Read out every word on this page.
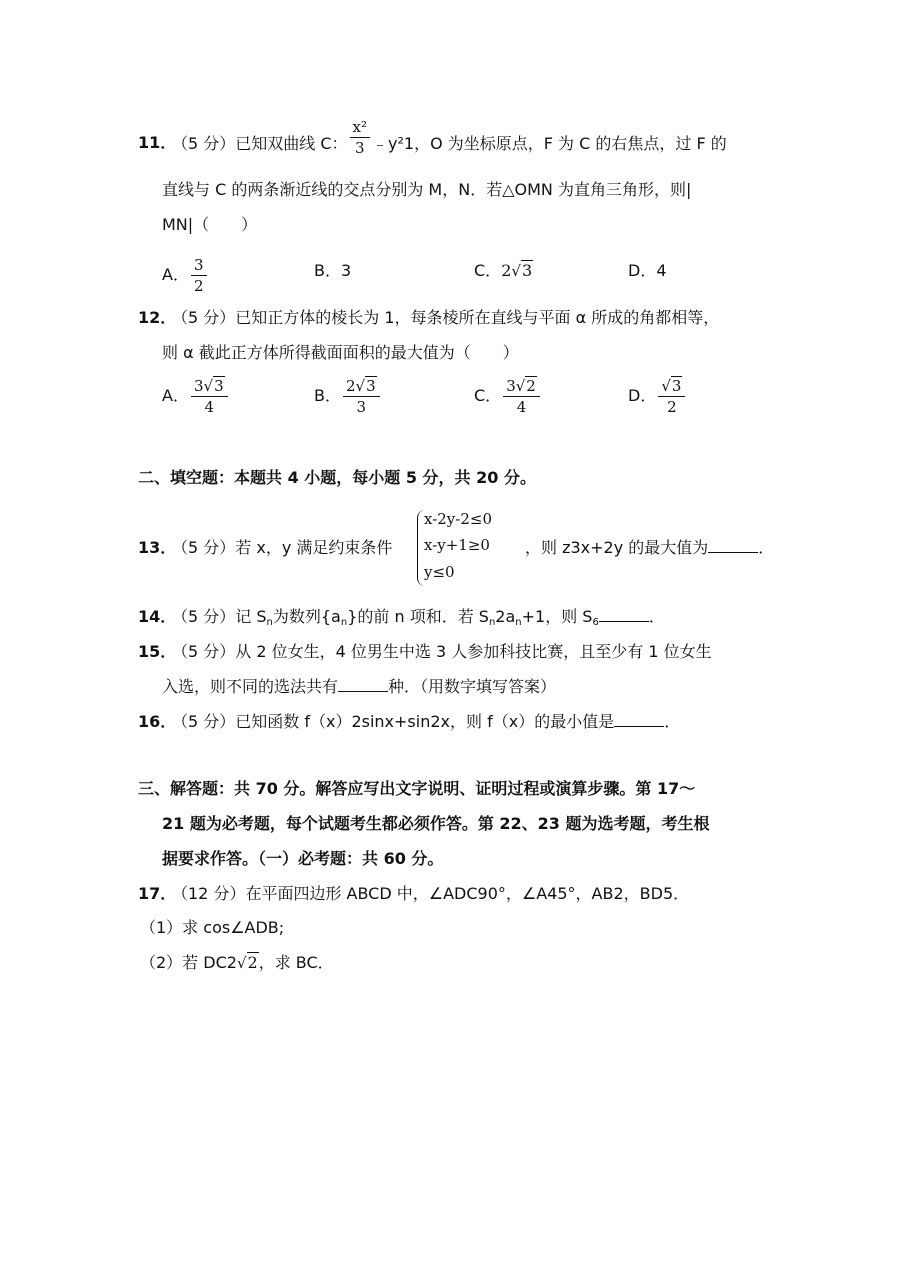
11．
（5 分）已知双曲线 C： $\frac{\text{x²}}{3}$ ﹣y²1，O 为坐标原点，F 为 C 的右焦点，过 F 的
直线与 C 的两条渐近线的交点分别为 M，N．若△OMN 为直角三角形，则|
MN|（　　）
A． $\frac{3}{2}$	B．3	C．2√3	D．4
12．
（5 分）已知正方体的棱长为 1，每条棱所在直线与平面 α 所成的角都相等，
则 α 截此正方体所得截面面积的最大值为（　　）
A． $\frac{3√3}{4}$	B． $\frac{2√3}{3}$	C． $\frac{3√2}{4}$	D． $\frac{√3}{2}$
二、填空题：本题共 4 小题，每小题 5 分，共 20 分。
13．
（5 分）若 x，y 满足约束条件
x-2y-2≤0
x-y+1≥0
y≤0
，则 z3x+2y 的最大值为	．
14．
（5 分）记 $S_n$为数列$\{a_n\}$的前 n 项和．若 $S_n2a_n+1$，则 $S_6$	．
15．
（5 分）从 2 位女生，4 位男生中选 3 人参加科技比赛，且至少有 1 位女生
入选，则不同的选法共有	种．（用数字填写答案）
16．
（5 分）已知函数 f（x）2sinx+sin2x，则 f（x）的最小值是	．
三、解答题：共 70 分。解答应写出文字说明、证明过程或演算步骤。第 17～
21 题为必考题，每个试题考生都必须作答。第 22、23 题为选考题，考生根
据要求作答。（一）必考题：共 60 分。
17．
（12 分）在平面四边形 ABCD 中，∠ADC90°，∠A45°，AB2，BD5．
（1）求 cos∠ADB;
（2）若 DC2√2，求 BC．
